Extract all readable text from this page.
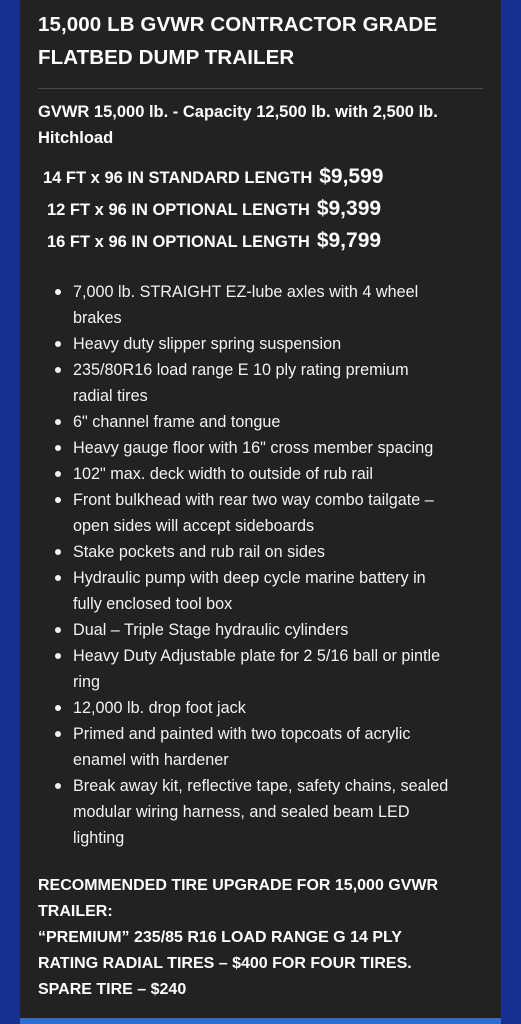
15,000 LB GVWR CONTRACTOR GRADE
FLATBED DUMP TRAILER
GVWR 15,000 lb. - Capacity 12,500 lb. with 2,500 lb.
Hitchload
14 FT x 96 IN STANDARD LENGTH $9,599
12 FT x 96 IN OPTIONAL LENGTH $9,399
16 FT x 96 IN OPTIONAL LENGTH $9,799
7,000 lb. STRAIGHT EZ-lube axles with 4 wheel
brakes
Heavy duty slipper spring suspension
235/80R16 load range E 10 ply rating premium
radial tires
6" channel frame and tongue
Heavy gauge floor with 16" cross member spacing
102" max. deck width to outside of rub rail
Front bulkhead with rear two way combo tailgate –
open sides will accept sideboards
Stake pockets and rub rail on sides
Hydraulic pump with deep cycle marine battery in
fully enclosed tool box
Dual – Triple Stage hydraulic cylinders
Heavy Duty Adjustable plate for 2 5/16 ball or pintle
ring
12,000 lb. drop foot jack
Primed and painted with two topcoats of acrylic
enamel with hardener
Break away kit, reflective tape, safety chains, sealed
modular wiring harness, and sealed beam LED
lighting
RECOMMENDED TIRE UPGRADE FOR 15,000 GVWR
TRAILER:
“PREMIUM” 235/85 R16 LOAD RANGE G 14 PLY
RATING RADIAL TIRES – $400 FOR FOUR TIRES.
SPARE TIRE – $240
